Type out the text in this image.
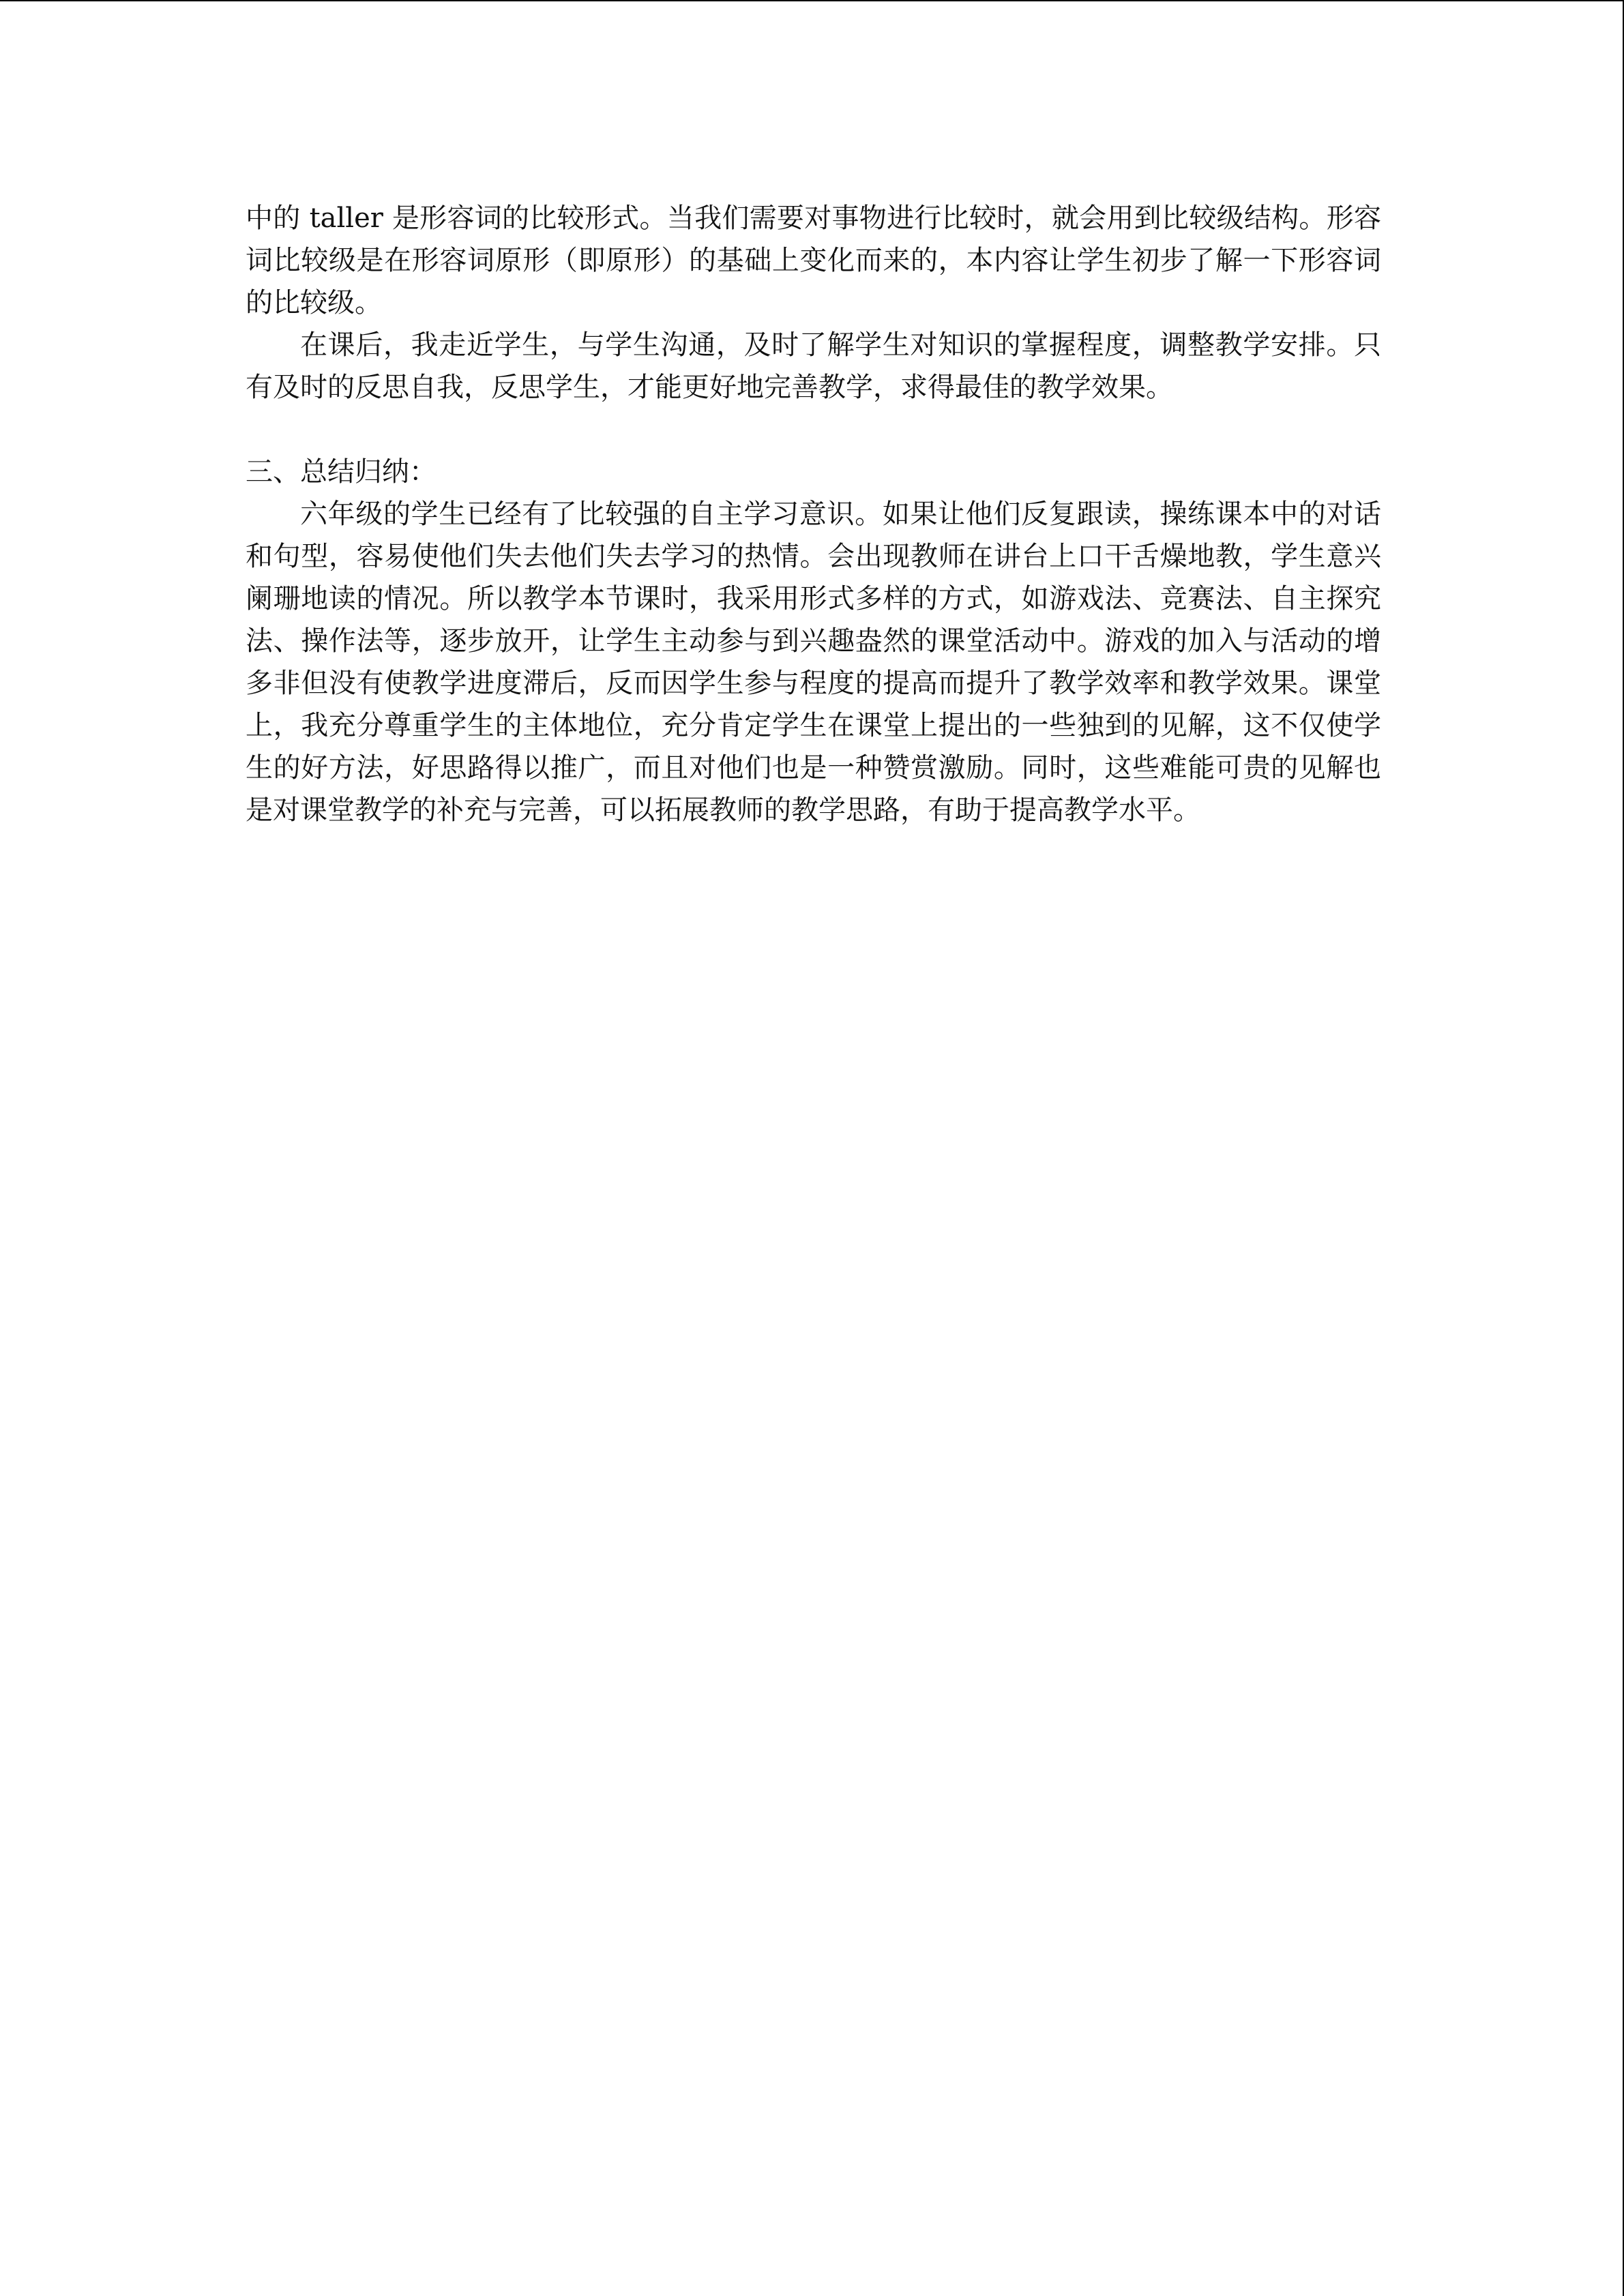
中的 taller 是形容词的比较形式。当我们需要对事物进行比较时，就会用到比较级结构。形容词比较级是在形容词原形（即原形）的基础上变化而来的，本内容让学生初步了解一下形容词的比较级。

在课后，我走近学生，与学生沟通，及时了解学生对知识的掌握程度，调整教学安排。只有及时的反思自我，反思学生，才能更好地完善教学，求得最佳的教学效果。

三、总结归纳：

六年级的学生已经有了比较强的自主学习意识。如果让他们反复跟读，操练课本中的对话和句型，容易使他们失去他们失去学习的热情。会出现教师在讲台上口干舌燥地教，学生意兴阑珊地读的情况。所以教学本节课时，我采用形式多样的方式，如游戏法、竞赛法、自主探究法、操作法等，逐步放开，让学生主动参与到兴趣盎然的课堂活动中。游戏的加入与活动的增多非但没有使教学进度滞后，反而因学生参与程度的提高而提升了教学效率和教学效果。课堂上，我充分尊重学生的主体地位，充分肯定学生在课堂上提出的一些独到的见解，这不仅使学生的好方法，好思路得以推广，而且对他们也是一种赞赏激励。同时，这些难能可贵的见解也是对课堂教学的补充与完善，可以拓展教师的教学思路，有助于提高教学水平。
